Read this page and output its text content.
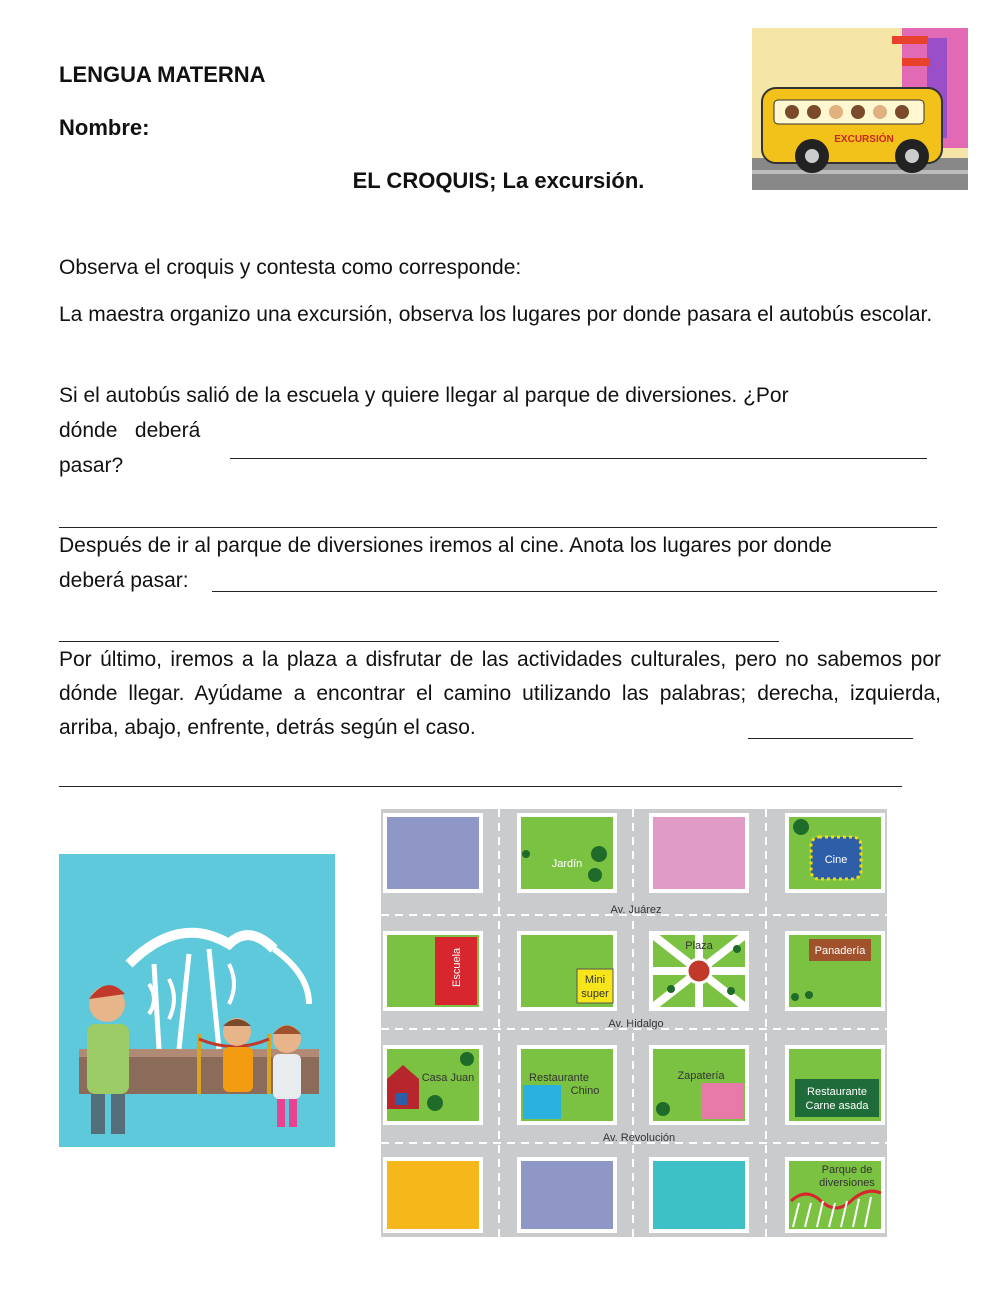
LENGUA MATERNA
Nombre:
EL CROQUIS; La excursión.
EXCURSIÓN
Observa el croquis y contesta como corresponde:
La maestra organizo una excursión, observa los lugares por donde pasara el autobús escolar.
Si el autobús salió de la escuela y quiere llegar al parque de diversiones. ¿Por
dónde   deberá
pasar?
Después de ir al parque de diversiones iremos al cine. Anota los lugares por donde
deberá pasar:
Por último, iremos a la plaza a disfrutar de las actividades culturales, pero no sabemos por dónde llegar. Ayúdame a encontrar el camino utilizando las palabras; derecha, izquierda, arriba, abajo, enfrente, detrás según el caso.
Jardín	Cine
Av. Juárez
Escuela	Mini
super
Plaza	Panadería
Av. Hidalgo
Casa Juan	Restaurante
Chino
Zapatería
Restaurante
Carne asada
Av. Revolución
Parque de
diversiones
